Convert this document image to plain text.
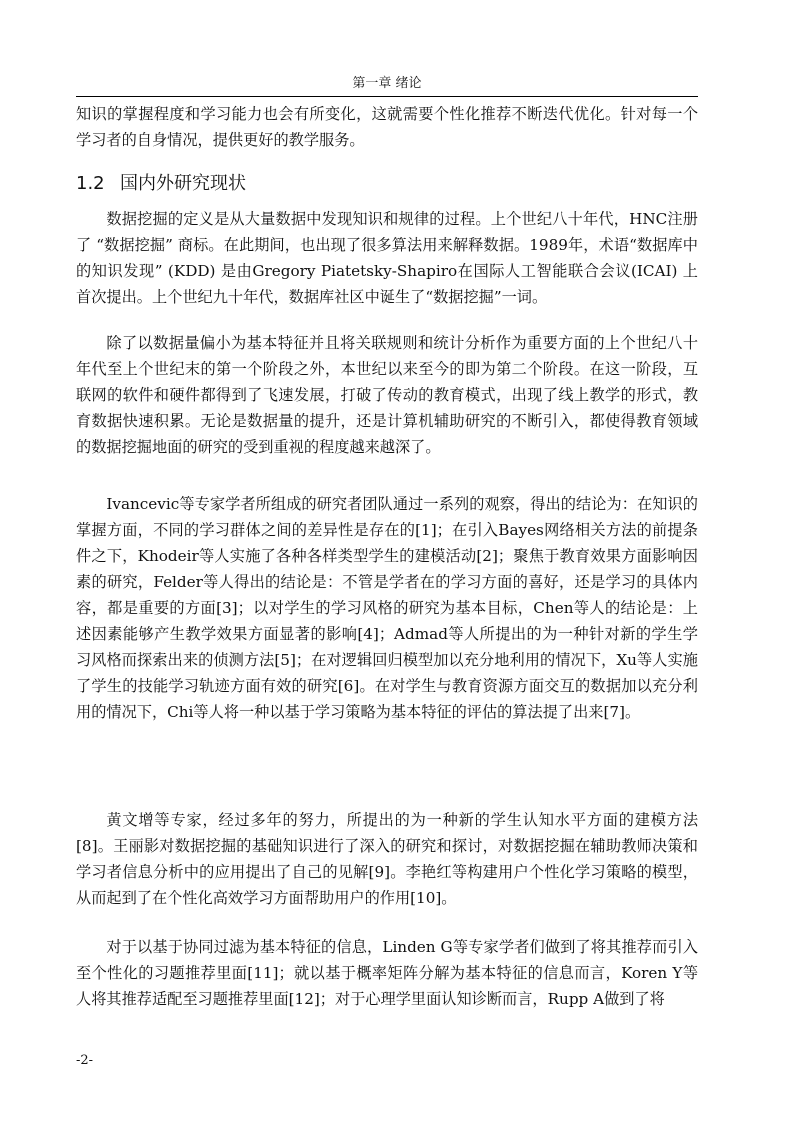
第一章 绪论

知识的掌握程度和学习能力也会有所变化，这就需要个性化推荐不断迭代优化。针对每一个学习者的自身情况，提供更好的教学服务。

1.2 国内外研究现状

数据挖掘的定义是从大量数据中发现知识和规律的过程。上个世纪八十年代，HNC注册了 “数据挖掘” 商标。在此期间，也出现了很多算法用来解释数据。1989年，术语“数据库中的知识发现” (KDD) 是由Gregory Piatetsky-Shapiro在国际人工智能联合会议(ICAI) 上首次提出。上个世纪九十年代，数据库社区中诞生了“数据挖掘”一词。

除了以数据量偏小为基本特征并且将关联规则和统计分析作为重要方面的上个世纪八十年代至上个世纪末的第一个阶段之外，本世纪以来至今的即为第二个阶段。在这一阶段，互联网的软件和硬件都得到了飞速发展，打破了传动的教育模式，出现了线上教学的形式，教育数据快速积累。无论是数据量的提升，还是计算机辅助研究的不断引入，都使得教育领域的数据挖掘地面的研究的受到重视的程度越来越深了。

Ivancevic等专家学者所组成的研究者团队通过一系列的观察，得出的结论为：在知识的掌握方面，不同的学习群体之间的差异性是存在的[1]；在引入Bayes网络相关方法的前提条件之下，Khodeir等人实施了各种各样类型学生的建模活动[2]；聚焦于教育效果方面影响因素的研究，Felder等人得出的结论是：不管是学者在的学习方面的喜好，还是学习的具体内容，都是重要的方面[3]；以对学生的学习风格的研究为基本目标，Chen等人的结论是：上述因素能够产生教学效果方面显著的影响[4]；Admad等人所提出的为一种针对新的学生学习风格而探索出来的侦测方法[5]；在对逻辑回归模型加以充分地利用的情况下，Xu等人实施了学生的技能学习轨迹方面有效的研究[6]。在对学生与教育资源方面交互的数据加以充分利用的情况下，Chi等人将一种以基于学习策略为基本特征的评估的算法提了出来[7]。

黄文增等专家，经过多年的努力，所提出的为一种新的学生认知水平方面的建模方法[8]。王丽影对数据挖掘的基础知识进行了深入的研究和探讨，对数据挖掘在辅助教师决策和学习者信息分析中的应用提出了自己的见解[9]。李艳红等构建用户个性化学习策略的模型，从而起到了在个性化高效学习方面帮助用户的作用[10]。

对于以基于协同过滤为基本特征的信息，Linden G等专家学者们做到了将其推荐而引入至个性化的习题推荐里面[11]；就以基于概率矩阵分解为基本特征的信息而言，Koren Y等人将其推荐适配至习题推荐里面[12]；对于心理学里面认知诊断而言，Rupp A做到了将

-2-
